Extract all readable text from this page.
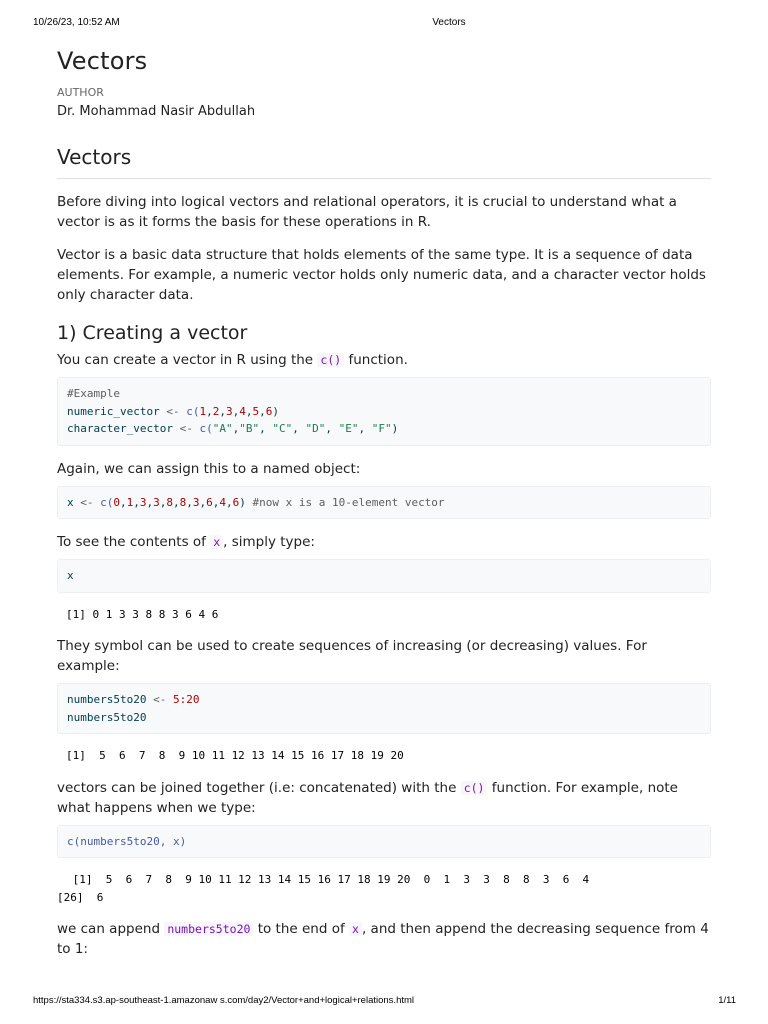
10/26/23, 10:52 AM	Vectors
Vectors
AUTHOR
Dr. Mohammad Nasir Abdullah
Vectors

Before diving into logical vectors and relational operators, it is crucial to understand what a vector is as it forms the basis for these operations in R.

Vector is a basic data structure that holds elements of the same type. It is a sequence of data elements. For example, a numeric vector holds only numeric data, and a character vector holds only character data.

1) Creating a vector

You can create a vector in R using the c() function.

#Example
numeric_vector <- c(1,2,3,4,5,6)
character_vector <- c("A","B", "C", "D", "E", "F")

Again, we can assign this to a named object:

x <- c(0,1,3,3,8,8,3,6,4,6) #now x is a 10-element vector

To see the contents of x , simply type:

x
[1] 0 1 3 3 8 8 3 6 4 6

They symbol can be used to create sequences of increasing (or decreasing) values. For example:

numbers5to20 <- 5:20
numbers5to20
[1]  5  6  7  8  9 10 11 12 13 14 15 16 17 18 19 20

vectors can be joined together (i.e: concatenated) with the c() function. For example, note what happens when we type:

c(numbers5to20, x)
[1]  5  6  7  8  9 10 11 12 13 14 15 16 17 18 19 20  0  1  3  3  8  8  3  6  4
[26]  6

we can append numbers5to20 to the end of x , and then append the decreasing sequence from 4 to 1:

https://sta334.s3.ap-southeast-1.amazonaw s.com/day2/Vector+and+logical+relations.html	1/11
